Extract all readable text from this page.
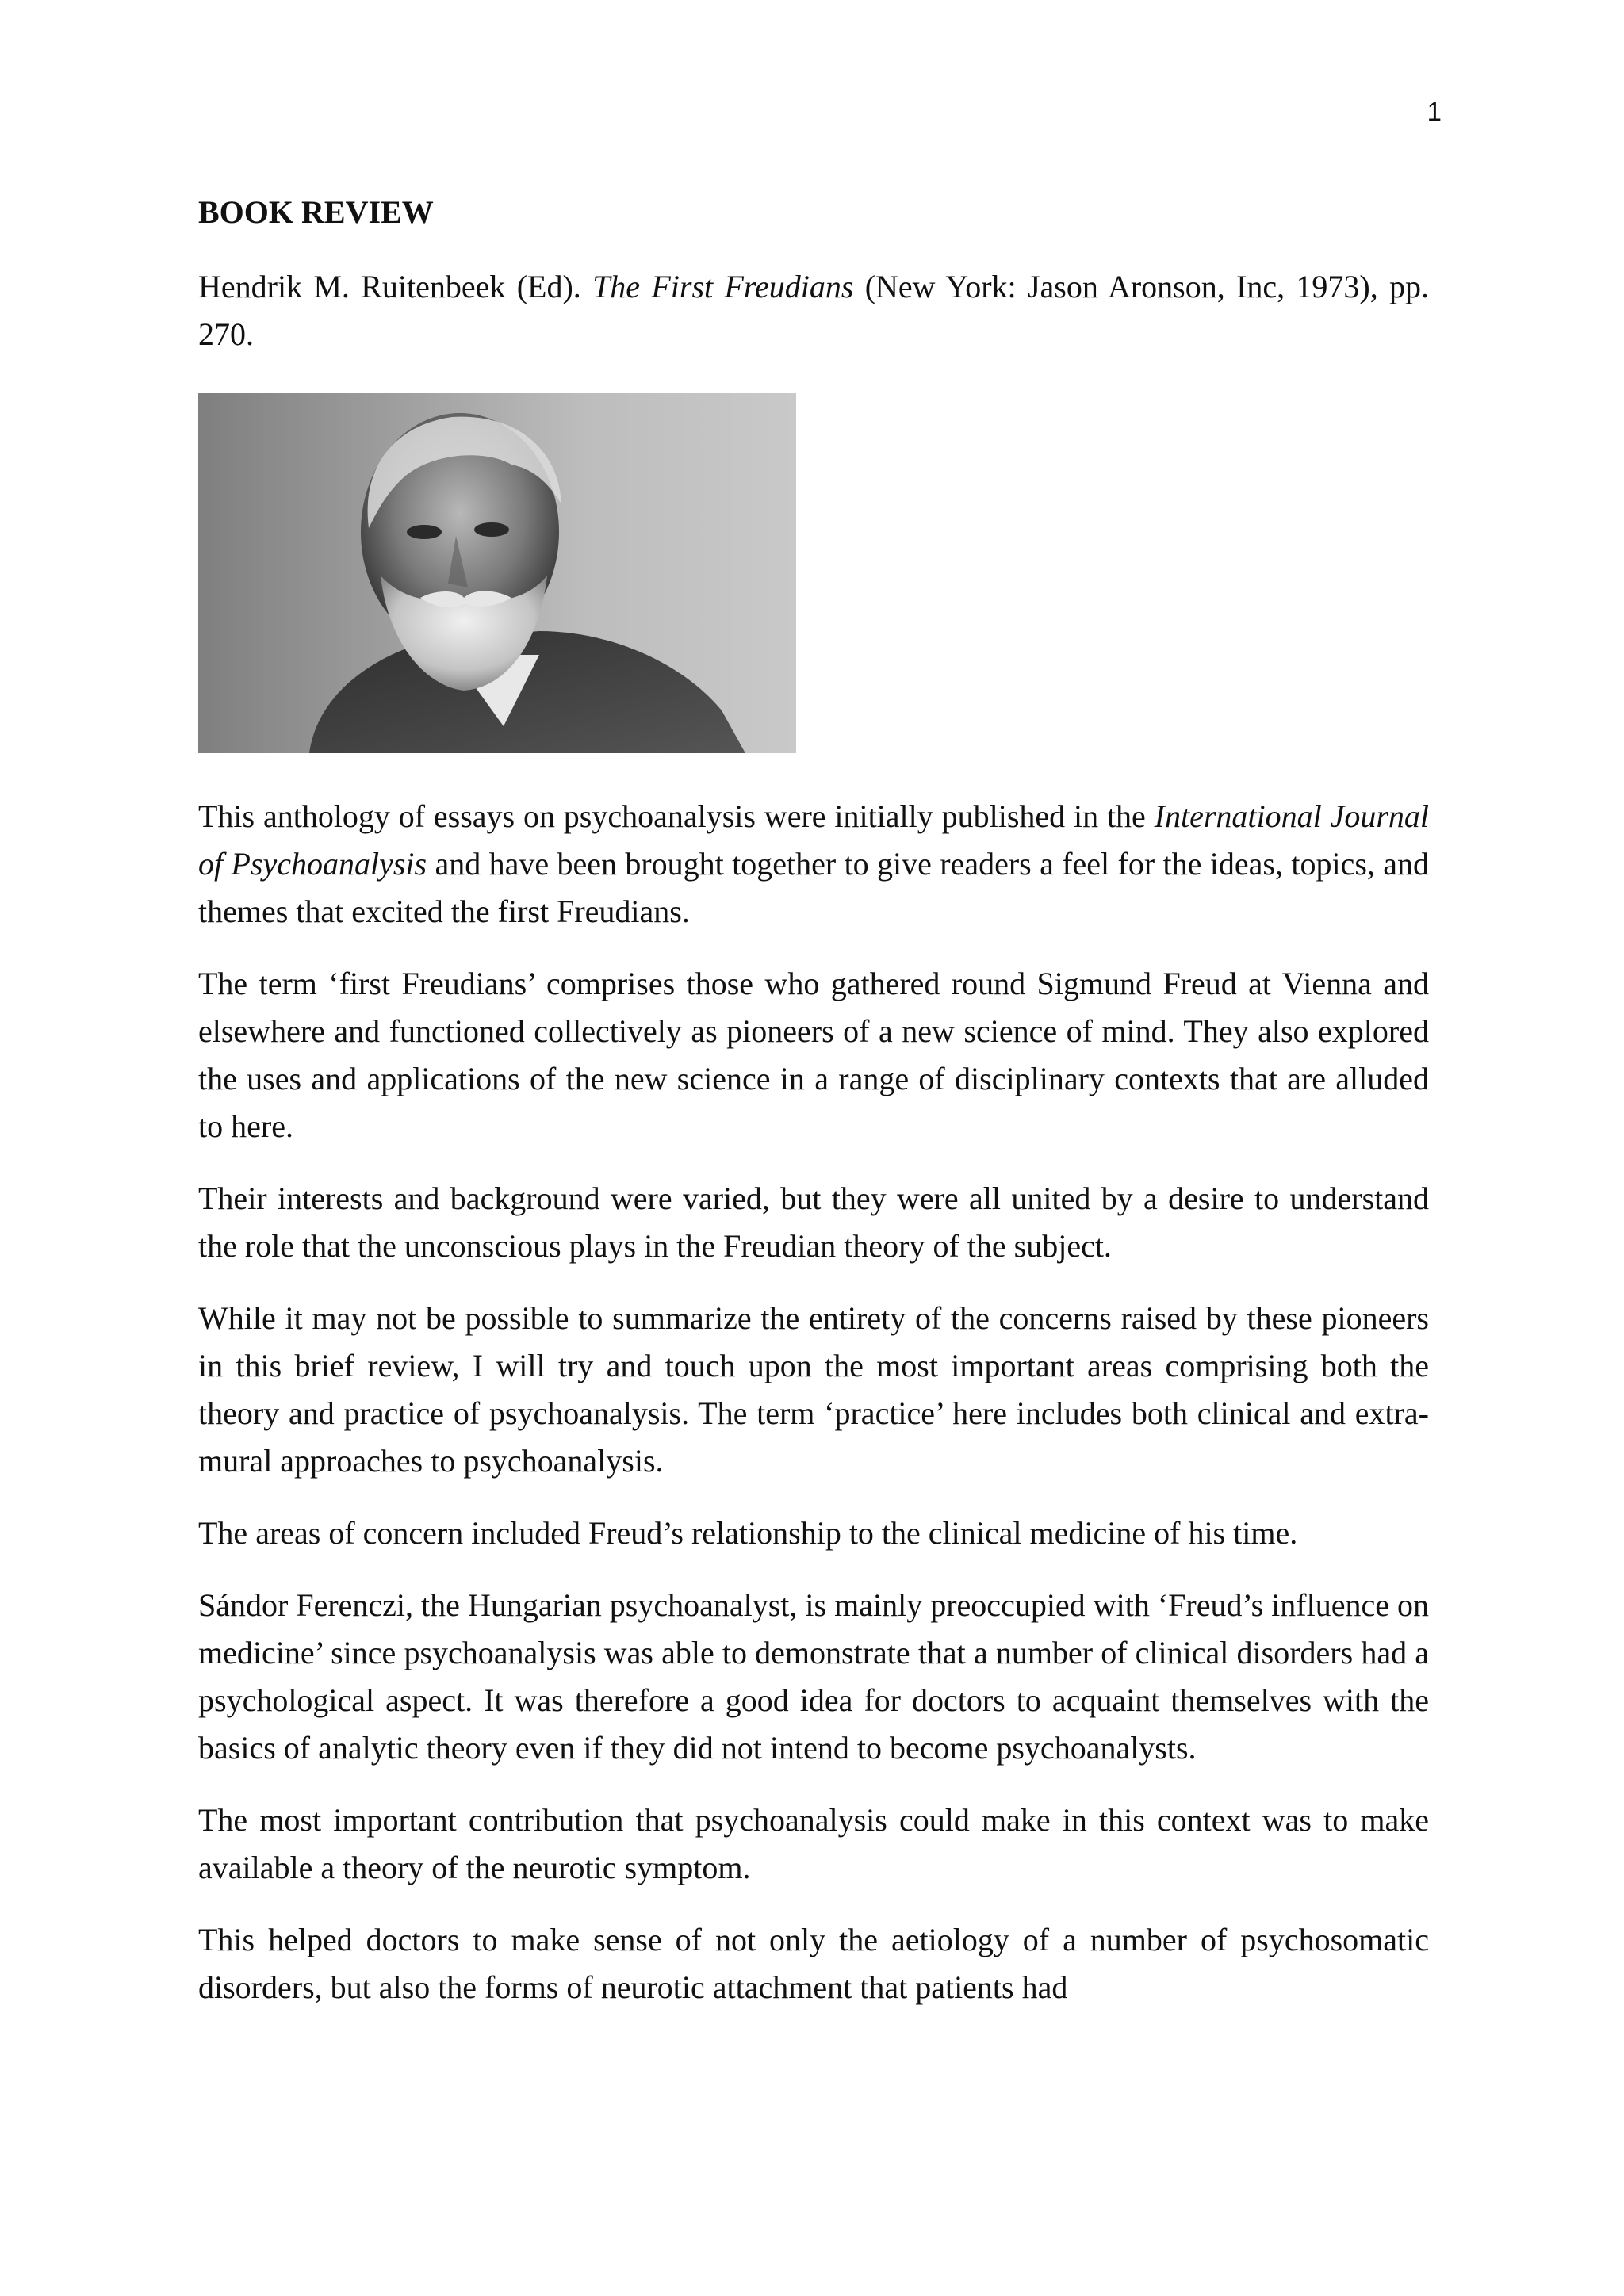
1
BOOK REVIEW

Hendrik M. Ruitenbeek (Ed). The First Freudians (New York: Jason Aronson, Inc, 1973), pp. 270.

This anthology of essays on psychoanalysis were initially published in the International Journal of Psychoanalysis and have been brought together to give readers a feel for the ideas, topics, and themes that excited the first Freudians.

The term ‘first Freudians’ comprises those who gathered round Sigmund Freud at Vienna and elsewhere and functioned collectively as pioneers of a new science of mind. They also explored the uses and applications of the new science in a range of disciplinary contexts that are alluded to here.

Their interests and background were varied, but they were all united by a desire to understand the role that the unconscious plays in the Freudian theory of the subject.

While it may not be possible to summarize the entirety of the concerns raised by these pioneers in this brief review, I will try and touch upon the most important areas comprising both the theory and practice of psychoanalysis. The term ‘practice’ here includes both clinical and extra-mural approaches to psychoanalysis.

The areas of concern included Freud’s relationship to the clinical medicine of his time.

Sándor Ferenczi, the Hungarian psychoanalyst, is mainly preoccupied with ‘Freud’s influence on medicine’ since psychoanalysis was able to demonstrate that a number of clinical disorders had a psychological aspect. It was therefore a good idea for doctors to acquaint themselves with the basics of analytic theory even if they did not intend to become psychoanalysts.

The most important contribution that psychoanalysis could make in this context was to make available a theory of the neurotic symptom.

This helped doctors to make sense of not only the aetiology of a number of psychosomatic disorders, but also the forms of neurotic attachment that patients had
